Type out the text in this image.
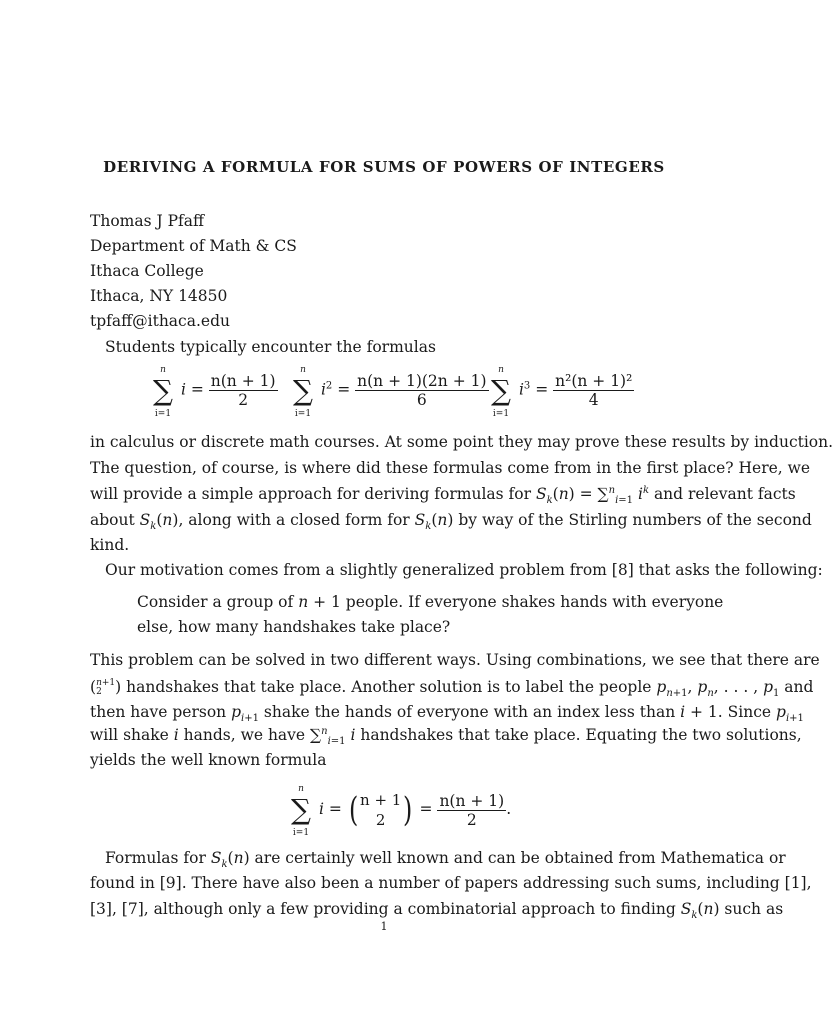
DERIVING A FORMULA FOR SUMS OF POWERS OF INTEGERS
Thomas J Pfaff
Department of Math & CS
Ithaca College
Ithaca, NY 14850
tpfaff@ithaca.edu
Students typically encounter the formulas
n
∑
i=1
$i = \frac{n(n + 1)}{2}$
n
∑
i=1
$i^2 = \frac{n(n + 1)(2n + 1)}{6}$
n
∑
i=1
$i^3 = \frac{\text{n²(n + 1)²}}{4}$
in calculus or discrete math courses. At some point they may prove these results by induction.
The question, of course, is where did these formulas come from in the first place? Here, we
will provide a simple approach for deriving formulas for $S_k(n) = \sum^n_{i=1}$ $i^k$ and relevant facts
about $S_k(n)$, along with a closed form for $S_k(n)$ by way of the Stirling numbers of the second
kind.
Our motivation comes from a slightly generalized problem from [8] that asks the following:
Consider a group of n + 1 people. If everyone shakes hands with everyone
else, how many handshakes take place?
This problem can be solved in two different ways. Using combinations, we see that there are
(n+1
2 ) handshakes that take place. Another solution is to label the people $p_{n+1}$, $p_n$, . . . , $p_1$ and
then have person $p_{i+1}$ shake the hands of everyone with an index less than i + 1. Since $p_{i+1}$
will shake i hands, we have ∑$^n_{i=1}$ i handshakes that take place. Equating the two solutions,
yields the well known formula
n
∑
i=1
i = ( n + 1
2 ) = $\frac{n(n + 1)}{2}$ .
Formulas for $S_k(n)$ are certainly well known and can be obtained from Mathematica or
found in [9]. There have also been a number of papers addressing such sums, including [1],
[3], [7], although only a few providing a combinatorial approach to finding $S_k(n)$ such as
1
